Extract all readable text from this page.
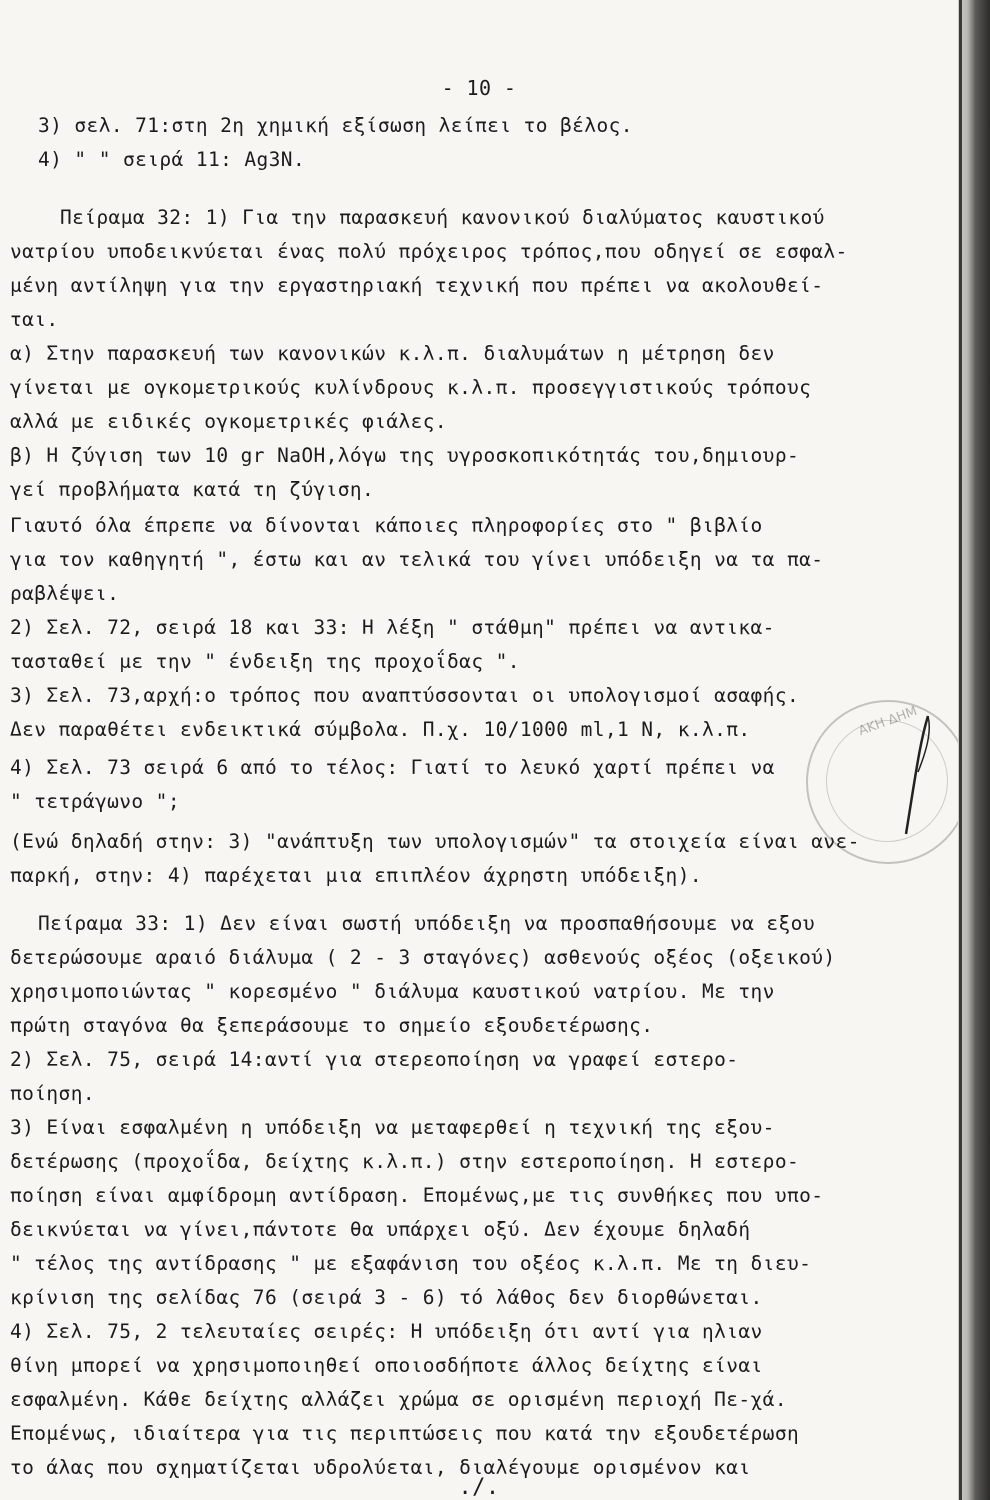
- 10 -
3) σελ. 71:στη 2η χημική εξίσωση λείπει το βέλος.
4) " " σειρά 11: Ag3N.
Πείραμα 32: 1) Για την παρασκευή κανονικού διαλύματος καυστικού
νατρίου υποδεικνύεται ένας πολύ πρόχειρος τρόπος,που οδηγεί σε εσφαλ-
μένη αντίληψη για την εργαστηριακή τεχνική που πρέπει να ακολουθεί-
ται.
α) Στην παρασκευή των κανονικών κ.λ.π. διαλυμάτων η μέτρηση δεν
γίνεται με ογκομετρικούς κυλίνδρους κ.λ.π. προσεγγιστικούς τρόπους
αλλά με ειδικές ογκομετρικές φιάλες.
β) Η ζύγιση των 10 gr NaOH,λόγω της υγροσκοπικότητάς του,δημιουρ-
γεί προβλήματα κατά τη ζύγιση.
Γιαυτό όλα έπρεπε να δίνονται κάποιες πληροφορίες στο " βιβλίο
για τον καθηγητή ", έστω και αν τελικά του γίνει υπόδειξη να τα πα-
ραβλέψει.
2) Σελ. 72, σειρά 18 και 33: Η λέξη " στάθμη" πρέπει να αντικα-
τασταθεί με την " ένδειξη της προχοΐδας ".
3) Σελ. 73,αρχή:ο τρόπος που αναπτύσσονται οι υπολογισμοί ασαφής.
Δεν παραθέτει ενδεικτικά σύμβολα. Π.χ. 10/1000 ml,1 N, κ.λ.π.
4) Σελ. 73 σειρά 6 από το τέλος: Γιατί το λευκό χαρτί πρέπει να
" τετράγωνο ";
(Ενώ δηλαδή στην: 3) "ανάπτυξη των υπολογισμών" τα στοιχεία είναι ανε-
παρκή, στην: 4) παρέχεται μια επιπλέον άχρηστη υπόδειξη).
Πείραμα 33: 1) Δεν είναι σωστή υπόδειξη να προσπαθήσουμε να εξου
δετερώσουμε αραιό διάλυμα ( 2 - 3 σταγόνες) ασθενούς οξέος (οξεικού)
χρησιμοποιώντας " κορεσμένο " διάλυμα καυστικού νατρίου. Με την
πρώτη σταγόνα θα ξεπεράσουμε το σημείο εξουδετέρωσης.
2) Σελ. 75, σειρά 14:αντί για στερεοποίηση να γραφεί εστερο-
ποίηση.
3) Είναι εσφαλμένη η υπόδειξη να μεταφερθεί η τεχνική της εξου-
δετέρωσης (προχοΐδα, δείχτης κ.λ.π.) στην εστεροποίηση. Η εστερο-
ποίηση είναι αμφίδρομη αντίδραση. Επομένως,με τις συνθήκες που υπο-
δεικνύεται να γίνει,πάντοτε θα υπάρχει οξύ. Δεν έχουμε δηλαδή
" τέλος της αντίδρασης " με εξαφάνιση του οξέος κ.λ.π. Με τη διευ-
κρίνιση της σελίδας 76 (σειρά 3 - 6) τό λάθος δεν διορθώνεται.
4) Σελ. 75, 2 τελευταίες σειρές: Η υπόδειξη ότι αντί για ηλιαν
θίνη μπορεί να χρησιμοποιηθεί οποιοσδήποτε άλλος δείχτης είναι
εσφαλμένη. Κάθε δείχτης αλλάζει χρώμα σε ορισμένη περιοχή Πε-χά.
Επομένως, ιδιαίτερα για τις περιπτώσεις που κατά την εξουδετέρωση
το άλας που σχηματίζεται υδρολύεται, διαλέγουμε ορισμένον και
./.
ΑΚΗ ΔΗΜ
